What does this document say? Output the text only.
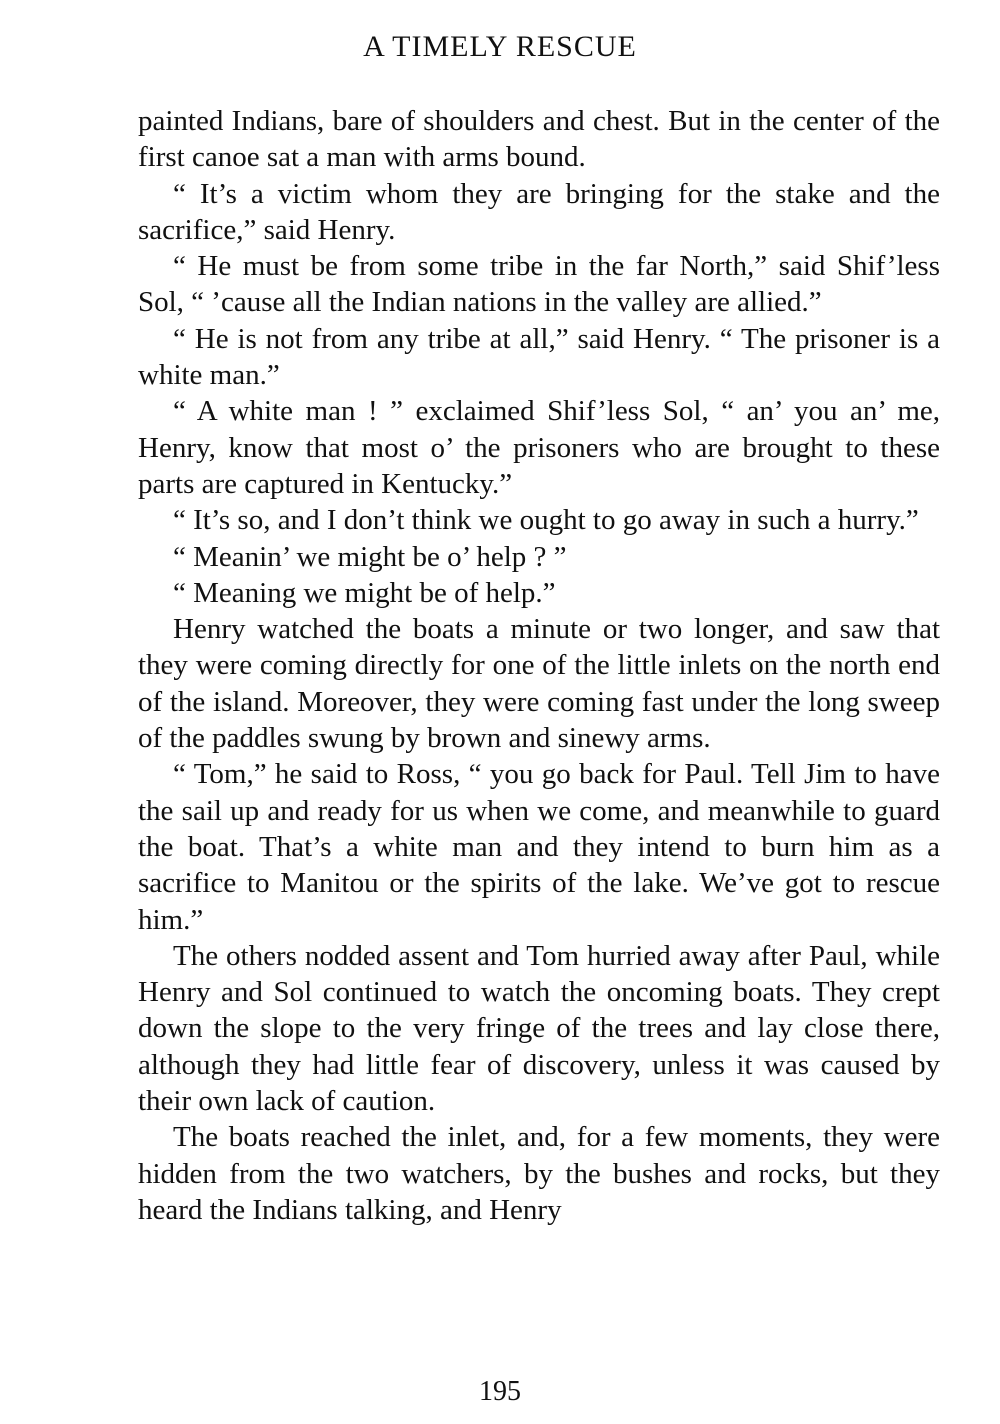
A TIMELY RESCUE

painted Indians, bare of shoulders and chest. But in the center of the first canoe sat a man with arms bound.

“ It’s a victim whom they are bringing for the stake and the sacrifice,” said Henry.

“ He must be from some tribe in the far North,” said Shif’less Sol, “ ’cause all the Indian nations in the valley are allied.”

“ He is not from any tribe at all,” said Henry. “ The prisoner is a white man.”

“ A white man ! ” exclaimed Shif’less Sol, “ an’ you an’ me, Henry, know that most o’ the prisoners who are brought to these parts are captured in Kentucky.”

“ It’s so, and I don’t think we ought to go away in such a hurry.”

“ Meanin’ we might be o’ help ? ”

“ Meaning we might be of help.”

Henry watched the boats a minute or two longer, and saw that they were coming directly for one of the little inlets on the north end of the island. Moreover, they were coming fast under the long sweep of the paddles swung by brown and sinewy arms.

“ Tom,” he said to Ross, “ you go back for Paul. Tell Jim to have the sail up and ready for us when we come, and meanwhile to guard the boat. That’s a white man and they intend to burn him as a sacrifice to Manitou or the spirits of the lake. We’ve got to rescue him.”

The others nodded assent and Tom hurried away after Paul, while Henry and Sol continued to watch the oncoming boats. They crept down the slope to the very fringe of the trees and lay close there, although they had little fear of discovery, unless it was caused by their own lack of caution.

The boats reached the inlet, and, for a few moments, they were hidden from the two watchers, by the bushes and rocks, but they heard the Indians talking, and Henry

195
